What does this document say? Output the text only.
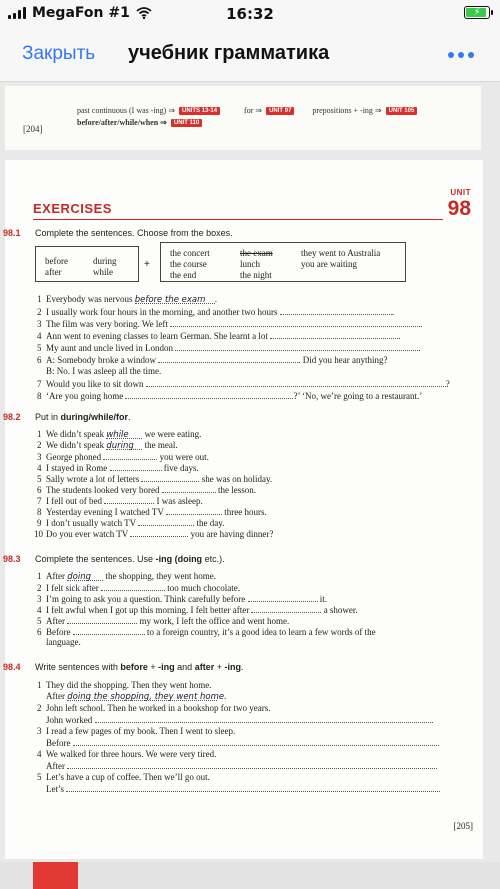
MegaFon #1	16:32	⚡
Закрыть учебник грамматика
[204]
past continuous (I was -ing) ⇒	UNITS 13-14	for ⇒	UNIT 97	prepositions + -ing ⇒	UNIT 105
before/after/while/when ⇒	UNIT 110
UNIT
98
EXERCISES
98.1 Complete the sentences. Choose from the boxes.
before	during
after	while
+
the concert	the exam	they went to Australia
the course	lunch	you are waiting
the end	the night
1 Everybody was nervous before the exam .
2 I usually work four hours in the morning, and another two hours	.
3 The film was very boring. We left	.
4 Ann went to evening classes to learn German. She learnt a lot	.
5 My aunt and uncle lived in London	.
6 A: Somebody broke a window	. Did you hear anything?
B: No. I was asleep all the time.
7 Would you like to sit down	?
8 ‘Are you going home	?’ ‘No, we’re going to a restaurant.’
98.2 Put in during/while/for.
1 We didn’t speak while we were eating.
2 We didn’t speak during the meal.
3 George phoned	you were out.
4 I stayed in Rome	five days.
5 Sally wrote a lot of letters	she was on holiday.
6 The students looked very bored	the lesson.
7 I fell out of bed	I was asleep.
8 Yesterday evening I watched TV	three hours.
9 I don’t usually watch TV	the day.
10 Do you ever watch TV	you are having dinner?
98.3 Complete the sentences. Use -ing (doing etc.).
1 After doing the shopping, they went home.
2 I felt sick after	too much chocolate.
3 I’m going to ask you a question. Think carefully before	it.
4 I felt awful when I got up this morning. I felt better after	a shower.
5 After	my work, I left the office and went home.
6 Before	to a foreign country, it’s a good idea to learn a few words of the
language.
98.4 Write sentences with before + -ing and after + -ing.
1 They did the shopping. Then they went home.
After doing the shopping, they went home.
2 John left school. Then he worked in a bookshop for two years.
John worked
3 I read a few pages of my book. Then I went to sleep.
Before
4 We walked for three hours. We were very tired.
After
5 Let’s have a cup of coffee. Then we’ll go out.
Let’s
[205]
